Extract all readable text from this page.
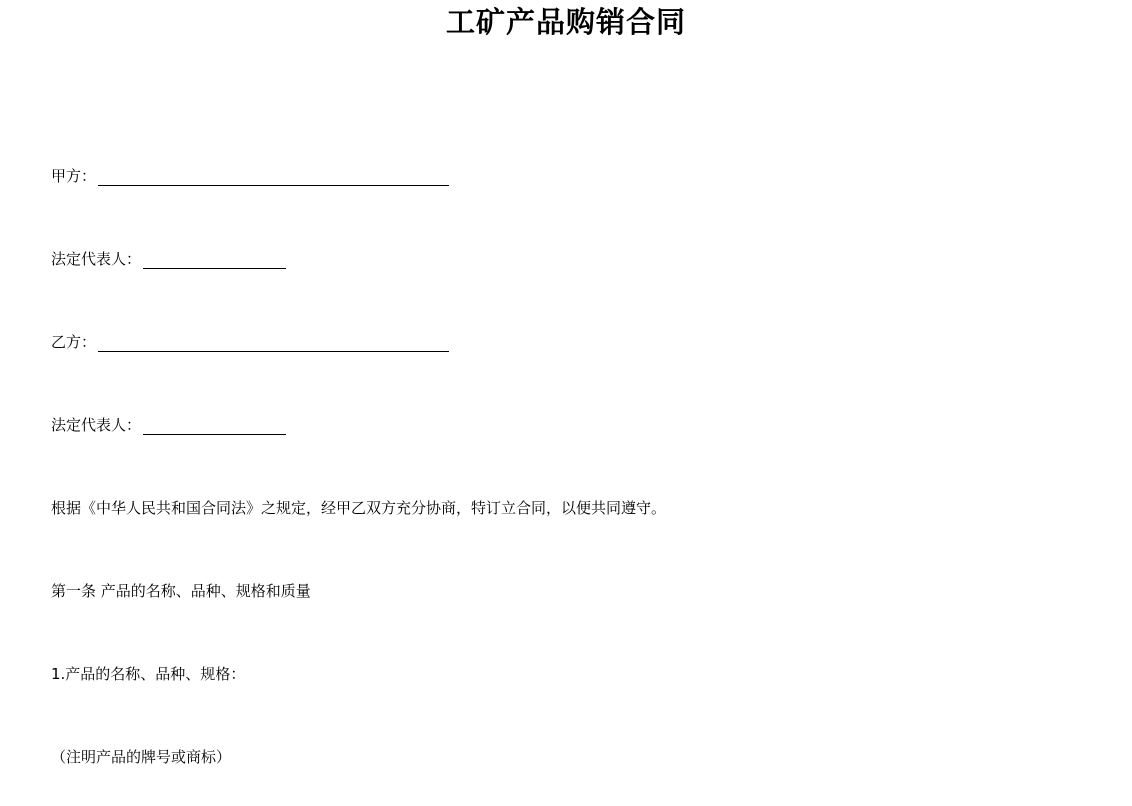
工矿产品购销合同
甲方：
法定代表人：
乙方：
法定代表人：
根据《中华人民共和国合同法》之规定，经甲乙双方充分协商，特订立合同，以便共同遵守。
第一条 产品的名称、品种、规格和质量
1.产品的名称、品种、规格：
（注明产品的牌号或商标）
